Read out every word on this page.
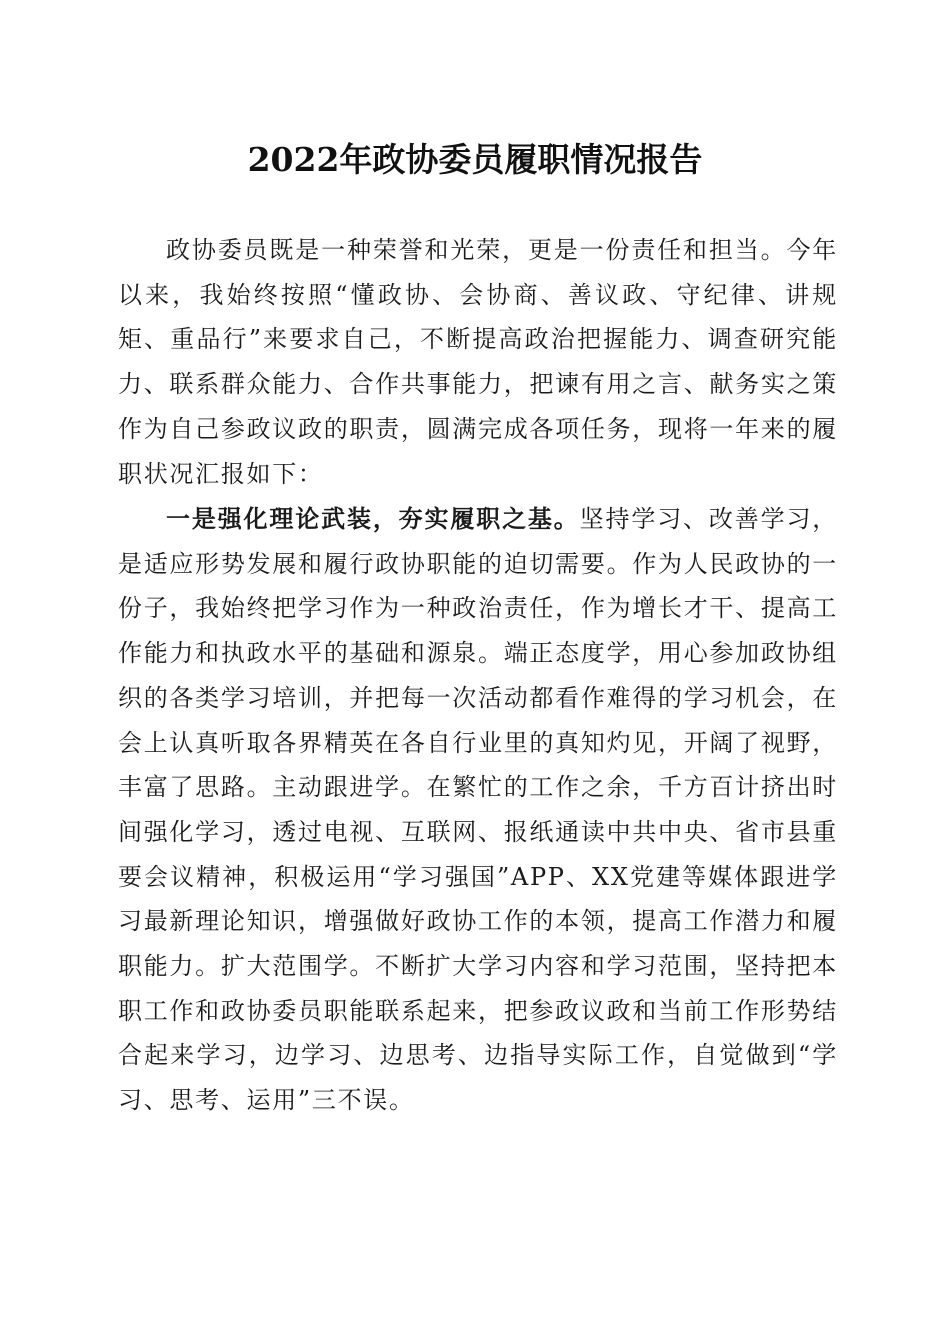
2022年政协委员履职情况报告

政协委员既是一种荣誉和光荣，更是一份责任和担当。今年以来，我始终按照“懂政协、会协商、善议政、守纪律、讲规矩、重品行”来要求自己，不断提高政治把握能力、调查研究能力、联系群众能力、合作共事能力，把谏有用之言、献务实之策作为自己参政议政的职责，圆满完成各项任务，现将一年来的履职状况汇报如下：

一是强化理论武装，夯实履职之基。坚持学习、改善学习，是适应形势发展和履行政协职能的迫切需要。作为人民政协的一份子，我始终把学习作为一种政治责任，作为增长才干、提高工作能力和执政水平的基础和源泉。端正态度学，用心参加政协组织的各类学习培训，并把每一次活动都看作难得的学习机会，在会上认真听取各界精英在各自行业里的真知灼见，开阔了视野，丰富了思路。主动跟进学。在繁忙的工作之余，千方百计挤出时间强化学习，透过电视、互联网、报纸通读中共中央、省市县重要会议精神，积极运用“学习强国”APP、XX党建等媒体跟进学习最新理论知识，增强做好政协工作的本领，提高工作潜力和履职能力。扩大范围学。不断扩大学习内容和学习范围，坚持把本职工作和政协委员职能联系起来，把参政议政和当前工作形势结合起来学习，边学习、边思考、边指导实际工作，自觉做到“学习、思考、运用”三不误。
